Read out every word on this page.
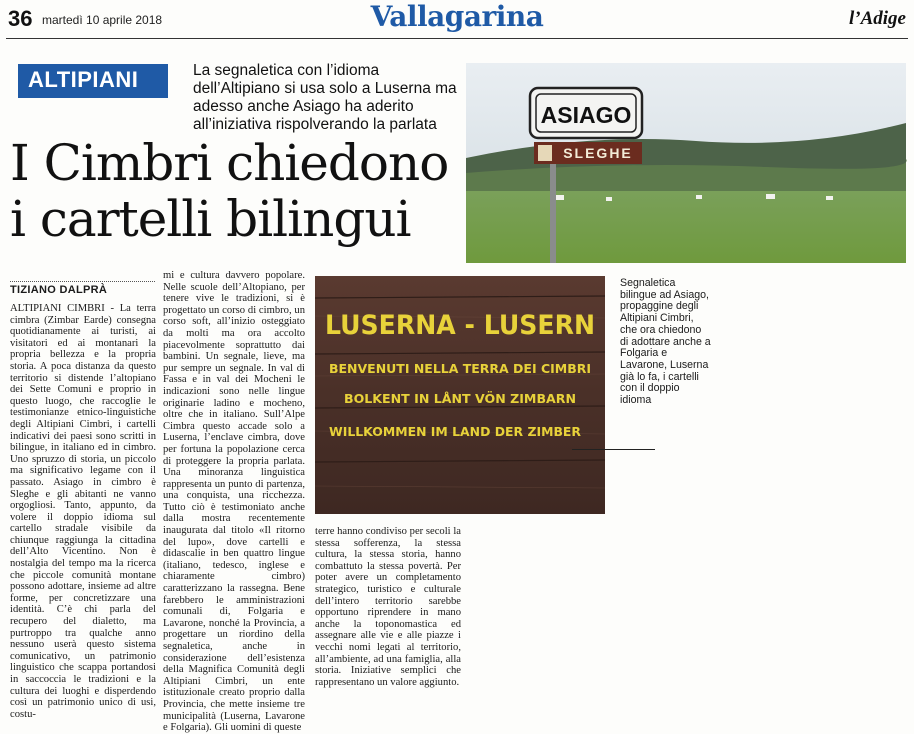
36 martedì 10 aprile 2018	Vallagarina	l’Adige
ALTIPIANI	La segnaletica con l’idioma dell’Altipiano si usa solo a Luserna ma adesso anche Asiago ha aderito all’iniziativa rispolverando la parlata
I Cimbri chiedono
i cartelli bilingui
ASIAGO
SLEGHE
LUSERNA - LUSERN
BENVENUTI NELLA TERRA DEI CIMBRI
BOLKENT IN LÅNT VÖN ZIMBARN
WILLKOMMEN IM LAND DER ZIMBER
Segnaletica bilingue ad Asiago, propaggine degli Altipiani Cimbri, che ora chiedono di adottare anche a Folgaria e Lavarone, Luserna già lo fa, i cartelli con il doppio idioma
TIZIANO DALPRÀ

ALTIPIANI CIMBRI - La terra cimbra (Zimbar Earde) consegna quotidianamente ai turisti, ai visitatori ed ai montanari la propria bellezza e la propria storia. A poca distanza da questo territorio si distende l’altopiano dei Sette Comuni e proprio in questo luogo, che raccoglie le testimonianze etnico-linguistiche degli Altipiani Cimbri, i cartelli indicativi dei paesi sono scritti in bilingue, in italiano ed in cimbro. Uno spruzzo di storia, un piccolo ma significativo legame con il passato. Asiago in cimbro è Sleghe e gli abitanti ne vanno orgogliosi. Tanto, appunto, da volere il doppio idioma sul cartello stradale visibile da chiunque raggiunga la cittadina dell’Alto Vicentino. Non è nostalgia del tempo ma la ricerca che piccole comunità montane possono adottare, insieme ad altre forme, per concretizzare una identità. C’è chi parla del recupero del dialetto, ma purtroppo tra qualche anno nessuno userà questo sistema comunicativo, un patrimonio linguistico che scappa portandosi in saccoccia le tradizioni e la cultura dei luoghi e disperdendo così un patrimonio unico di usi, costu-

mi e cultura davvero popolare. Nelle scuole dell’Altopiano, per tenere vive le tradizioni, si è progettato un corso di cimbro, un corso soft, all’inizio osteggiato da molti ma ora accolto piacevolmente soprattutto dai bambini. Un segnale, lieve, ma pur sempre un segnale. In val di Fassa e in val dei Mocheni le indicazioni sono nelle lingue originarie ladino e mocheno, oltre che in italiano. Sull’Alpe Cimbra questo accade solo a Luserna, l’enclave cimbra, dove per fortuna la popolazione cerca di proteggere la propria parlata. Una minoranza linguistica rappresenta un punto di partenza, una conquista, una ricchezza. Tutto ciò è testimoniato anche dalla mostra recentemente inaugurata dal titolo «Il ritorno del lupo», dove cartelli e didascalie in ben quattro lingue (italiano, tedesco, inglese e chiaramente cimbro) caratterizzano la rassegna. Bene farebbero le amministrazioni comunali di, Folgaria e Lavarone, nonché la Provincia, a progettare un riordino della segnaletica, anche in considerazione dell’esistenza della Magnifica Comunità degli Altipiani Cimbri, un ente istituzionale creato proprio dalla Provincia, che mette insieme tre municipalità (Luserna, Lavarone e Folgaria). Gli uomini di queste

terre hanno condiviso per secoli la stessa sofferenza, la stessa cultura, la stessa storia, hanno combattuto la stessa povertà. Per poter avere un completamento strategico, turistico e culturale dell’intero territorio sarebbe opportuno riprendere in mano anche la toponomastica ed assegnare alle vie e alle piazze i vecchi nomi legati al territorio, all’ambiente, ad una famiglia, alla storia. Iniziative semplici che rappresentano un valore aggiunto.
